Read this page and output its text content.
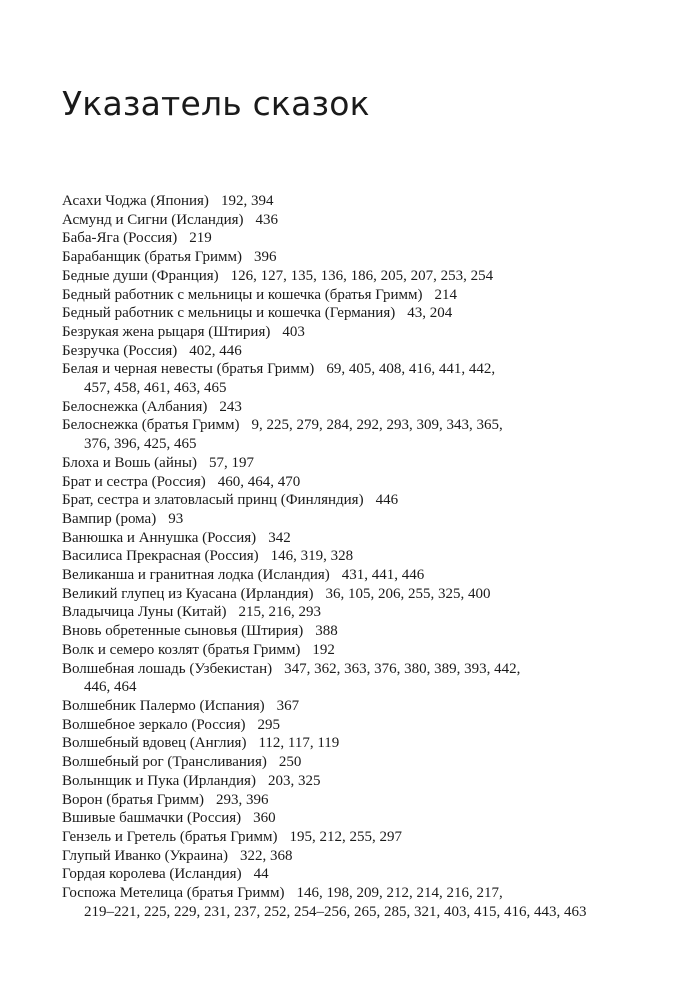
Указатель сказок
Асахи Чоджа (Япония) 192, 394
Асмунд и Сигни (Исландия) 436
Баба-Яга (Россия) 219
Барабанщик (братья Гримм) 396
Бедные души (Франция) 126, 127, 135, 136, 186, 205, 207, 253, 254
Бедный работник с мельницы и кошечка (братья Гримм) 214
Бедный работник с мельницы и кошечка (Германия) 43, 204
Безрукая жена рыцаря (Штирия) 403
Безручка (Россия) 402, 446
Белая и черная невесты (братья Гримм) 69, 405, 408, 416, 441, 442,
457, 458, 461, 463, 465
Белоснежка (Албания) 243
Белоснежка (братья Гримм) 9, 225, 279, 284, 292, 293, 309, 343, 365,
376, 396, 425, 465
Блоха и Вошь (айны) 57, 197
Брат и сестра (Россия) 460, 464, 470
Брат, сестра и златовласый принц (Финляндия) 446
Вампир (рома) 93
Ванюшка и Аннушка (Россия) 342
Василиса Прекрасная (Россия) 146, 319, 328
Великанша и гранитная лодка (Исландия) 431, 441, 446
Великий глупец из Куасана (Ирландия) 36, 105, 206, 255, 325, 400
Владычица Луны (Китай) 215, 216, 293
Вновь обретенные сыновья (Штирия) 388
Волк и семеро козлят (братья Гримм) 192
Волшебная лошадь (Узбекистан) 347, 362, 363, 376, 380, 389, 393, 442,
446, 464
Волшебник Палермо (Испания) 367
Волшебное зеркало (Россия) 295
Волшебный вдовец (Англия) 112, 117, 119
Волшебный рог (Трансливания) 250
Волынщик и Пука (Ирландия) 203, 325
Ворон (братья Гримм) 293, 396
Вшивые башмачки (Россия) 360
Гензель и Гретель (братья Гримм) 195, 212, 255, 297
Глупый Иванко (Украина) 322, 368
Гордая королева (Исландия) 44
Госпожа Метелица (братья Гримм) 146, 198, 209, 212, 214, 216, 217,
219–221, 225, 229, 231, 237, 252, 254–256, 265, 285, 321, 403, 415, 416, 443, 463
